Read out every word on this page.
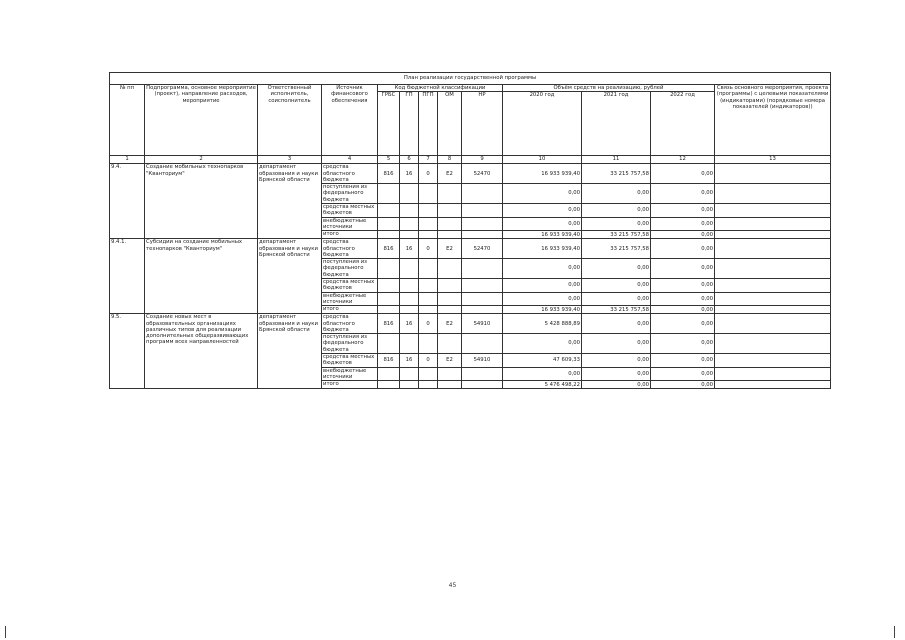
План реализации государственной программы												
№ пп	Подпрограмма, основное мероприятие (проект), направление расходов, мероприятие	Ответственный исполнитель, соисполнитель	Источник финансового обеспечения	Код бюджетной классификации					Объём средств на реализацию, рублей			Связь основного мероприятия, проекта (программы) с целевыми показателями (индикаторами) (порядковые номера показателей (индикаторов))
				ГРБС	ГП	ПГП	ОМ	НР	2020 год	2021 год	2022 год	
1	2	3	4	5	6	7	8	9	10	11	12	13
9.4.	Создание мобильных технопарков "Кванториум"	департамент образования и науки Брянской области	средства областного бюджета	816	16	0	Е2	52470	16 933 939,40	33 215 757,58	0,00	
			поступления из федерального бюджета						0,00	0,00	0,00	
			средства местных бюджетов						0,00	0,00	0,00	
			внебюджетные источники						0,00	0,00	0,00	
			итого						16 933 939,40	33 215 757,58	0,00	
9.4.1.	Субсидии на создание мобильных технопарков "Кванториум"	департамент образования и науки Брянской области	средства областного бюджета	816	16	0	Е2	52470	16 933 939,40	33 215 757,58	0,00	
			поступления из федерального бюджета						0,00	0,00	0,00	
			средства местных бюджетов						0,00	0,00	0,00	
			внебюджетные источники						0,00	0,00	0,00	
			итого						16 933 939,40	33 215 757,58	0,00	
9.5.	Создание новых мест в образовательных организациях различных типов для реализации дополнительных общеразвивающих программ всех направленностей	департамент образования и науки Брянской области	средства областного бюджета	816	16	0	Е2	54910	5 428 888,89	0,00	0,00	
			поступления из федерального бюджета						0,00	0,00	0,00	
			средства местных бюджетов	816	16	0	Е2	54910	47 609,33	0,00	0,00	
			внебюджетные источники						0,00	0,00	0,00	
			итого						5 476 498,22	0,00	0,00	
45
